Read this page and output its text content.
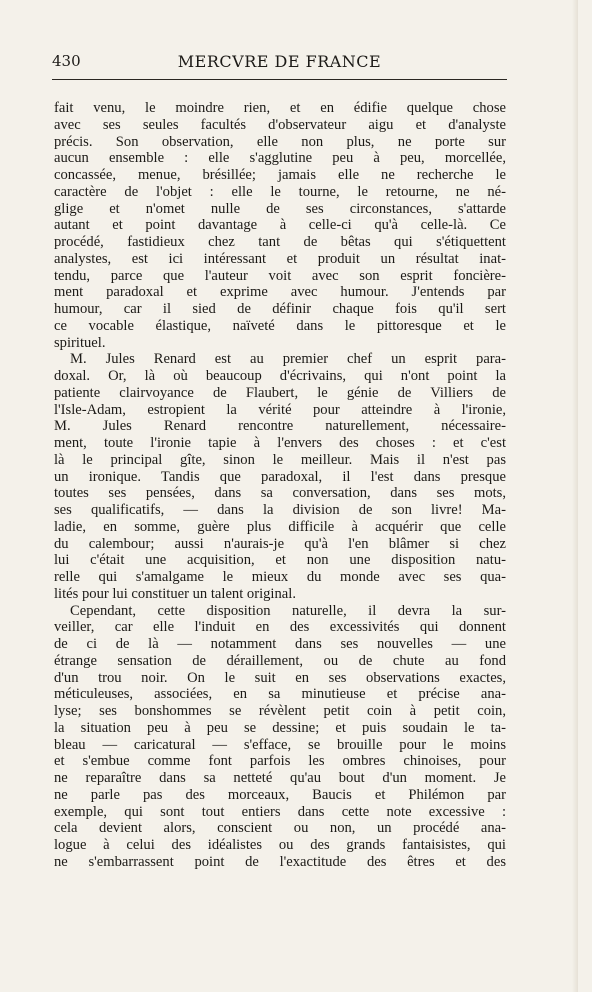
430	MERCVRE DE FRANCE
fait venu, le moindre rien, et en édifie quelque chose
avec ses seules facultés d'observateur aigu et d'analyste
précis. Son observation, elle non plus, ne porte sur
aucun ensemble : elle s'agglutine peu à peu, morcellée,
concassée, menue, brésillée; jamais elle ne recherche le
caractère de l'objet : elle le tourne, le retourne, ne né-
glige et n'omet nulle de ses circonstances, s'attarde
autant et point davantage à celle-ci qu'à celle-là. Ce
procédé, fastidieux chez tant de bêtas qui s'étiquettent
analystes, est ici intéressant et produit un résultat inat-
tendu, parce que l'auteur voit avec son esprit foncière-
ment paradoxal et exprime avec humour. J'entends par
humour, car il sied de définir chaque fois qu'il sert
ce vocable élastique, naïveté dans le pittoresque et le
spirituel.
M. Jules Renard est au premier chef un esprit para-
doxal. Or, là où beaucoup d'écrivains, qui n'ont point la
patiente clairvoyance de Flaubert, le génie de Villiers de
l'Isle-Adam, estropient la vérité pour atteindre à l'ironie,
M. Jules Renard rencontre naturellement, nécessaire-
ment, toute l'ironie tapie à l'envers des choses : et c'est
là le principal gîte, sinon le meilleur. Mais il n'est pas
un ironique. Tandis que paradoxal, il l'est dans presque
toutes ses pensées, dans sa conversation, dans ses mots,
ses qualificatifs, — dans la division de son livre! Ma-
ladie, en somme, guère plus difficile à acquérir que celle
du calembour; aussi n'aurais-je qu'à l'en blâmer si chez
lui c'était une acquisition, et non une disposition natu-
relle qui s'amalgame le mieux du monde avec ses qua-
lités pour lui constituer un talent original.
Cependant, cette disposition naturelle, il devra la sur-
veiller, car elle l'induit en des excessivités qui donnent
de ci de là — notamment dans ses nouvelles — une
étrange sensation de déraillement, ou de chute au fond
d'un trou noir. On le suit en ses observations exactes,
méticuleuses, associées, en sa minutieuse et précise ana-
lyse; ses bonshommes se révèlent petit coin à petit coin,
la situation peu à peu se dessine; et puis soudain le ta-
bleau — caricatural — s'efface, se brouille pour le moins
et s'embue comme font parfois les ombres chinoises, pour
ne reparaître dans sa netteté qu'au bout d'un moment. Je
ne parle pas des morceaux, Baucis et Philémon par
exemple, qui sont tout entiers dans cette note excessive :
cela devient alors, conscient ou non, un procédé ana-
logue à celui des idéalistes ou des grands fantaisistes, qui
ne s'embarrassent point de l'exactitude des êtres et des
